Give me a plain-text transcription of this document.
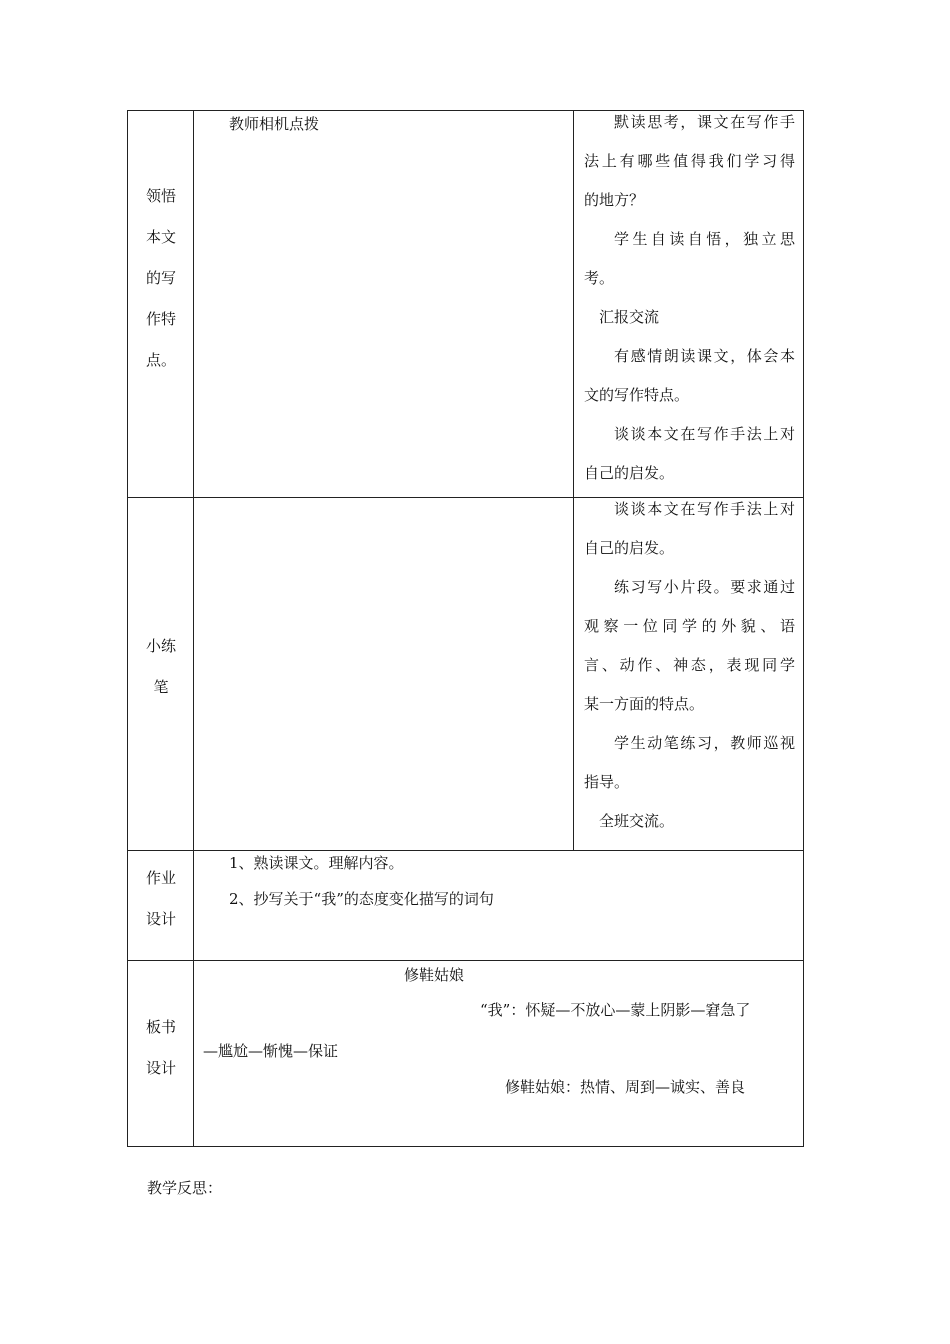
领悟
本文
的写
作特
点。
教师相机点拨	默读思考，课文在写作手

法上有哪些值得我们学习得

的地方？

学生自读自悟，独立思

考。

汇报交流

有感情朗读课文，体会本

文的写作特点。

谈谈本文在写作手法上对

自己的启发。

小练
笔

谈谈本文在写作手法上对

自己的启发。

练习写小片段。要求通过

观察一位同学的外貌、语

言、动作、神态，表现同学

某一方面的特点。

学生动笔练习，教师巡视

指导。

全班交流。

作业
设计
1、熟读课文。理解内容。
2、抄写关于“我”的态度变化描写的词句
板书
设计
修鞋姑娘
“我”：怀疑—不放心—蒙上阴影—窘急了
—尴尬—惭愧—保证
修鞋姑娘：热情、周到—诚实、善良
教学反思：
